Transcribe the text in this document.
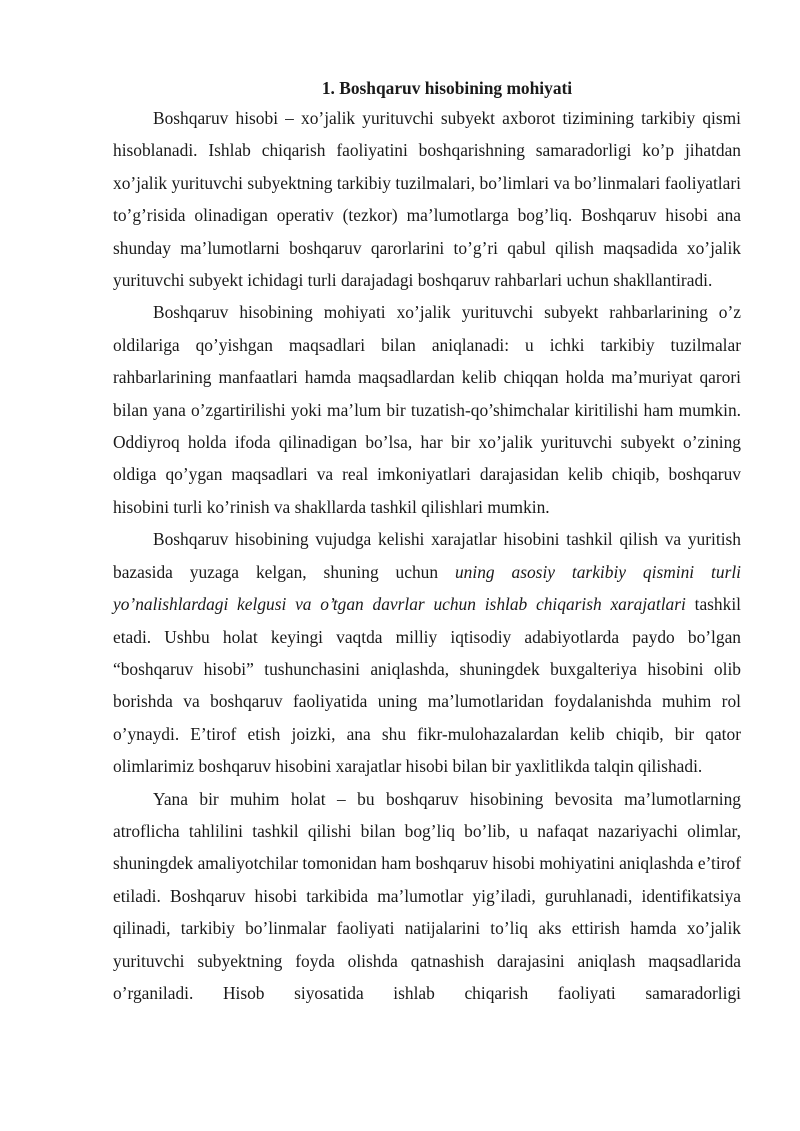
1. Boshqaruv hisobining mohiyati

Boshqaruv hisobi – xo’jalik yurituvchi subyekt axborot tizimining tarkibiy qismi hisoblanadi. Ishlab chiqarish faoliyatini boshqarishning samaradorligi ko’p jihatdan xo’jalik yurituvchi subyektning tarkibiy tuzilmalari, bo’limlari va bo’linmalari faoliyatlari to’g’risida olinadigan operativ (tezkor) ma’lumotlarga bog’liq. Boshqaruv hisobi ana shunday ma’lumotlarni boshqaruv qarorlarini to’g’ri qabul qilish maqsadida xo’jalik yurituvchi subyekt ichidagi turli darajadagi boshqaruv rahbarlari uchun shakllantiradi.

Boshqaruv hisobining mohiyati xo’jalik yurituvchi subyekt rahbarlarining o’z oldilariga qo’yishgan maqsadlari bilan aniqlanadi: u ichki tarkibiy tuzilmalar rahbarlarining manfaatlari hamda maqsadlardan kelib chiqqan holda ma’muriyat qarori bilan yana o’zgartirilishi yoki ma’lum bir tuzatish-qo’shimchalar kiritilishi ham mumkin. Oddiyroq holda ifoda qilinadigan bo’lsa, har bir xo’jalik yurituvchi subyekt o’zining oldiga qo’ygan maqsadlari va real imkoniyatlari darajasidan kelib chiqib, boshqaruv hisobini turli ko’rinish va shakllarda tashkil qilishlari mumkin.

Boshqaruv hisobining vujudga kelishi xarajatlar hisobini tashkil qilish va yuritish bazasida yuzaga kelgan, shuning uchun uning asosiy tarkibiy qismini turli yo’nalishlardagi kelgusi va o’tgan davrlar uchun ishlab chiqarish xarajatlari tashkil etadi. Ushbu holat keyingi vaqtda milliy iqtisodiy adabiyotlarda paydo bo’lgan “boshqaruv hisobi” tushunchasini aniqlashda, shuningdek buxgalteriya hisobini olib borishda va boshqaruv faoliyatida uning ma’lumotlaridan foydalanishda muhim rol o’ynaydi. E’tirof etish joizki, ana shu fikr-mulohazalardan kelib chiqib, bir qator olimlarimiz boshqaruv hisobini xarajatlar hisobi bilan bir yaxlitlikda talqin qilishadi.

Yana bir muhim holat – bu boshqaruv hisobining bevosita ma’lumotlarning atroflicha tahlilini tashkil qilishi bilan bog’liq bo’lib, u nafaqat nazariyachi olimlar, shuningdek amaliyotchilar tomonidan ham boshqaruv hisobi mohiyatini aniqlashda e’tirof etiladi. Boshqaruv hisobi tarkibida ma’lumotlar yig’iladi, guruhlanadi, identifikatsiya qilinadi, tarkibiy bo’linmalar faoliyati natijalarini to’liq aks ettirish hamda xo’jalik yurituvchi subyektning foyda olishda qatnashish darajasini aniqlash maqsadlarida o’rganiladi. Hisob siyosatida ishlab chiqarish faoliyati samaradorligi
